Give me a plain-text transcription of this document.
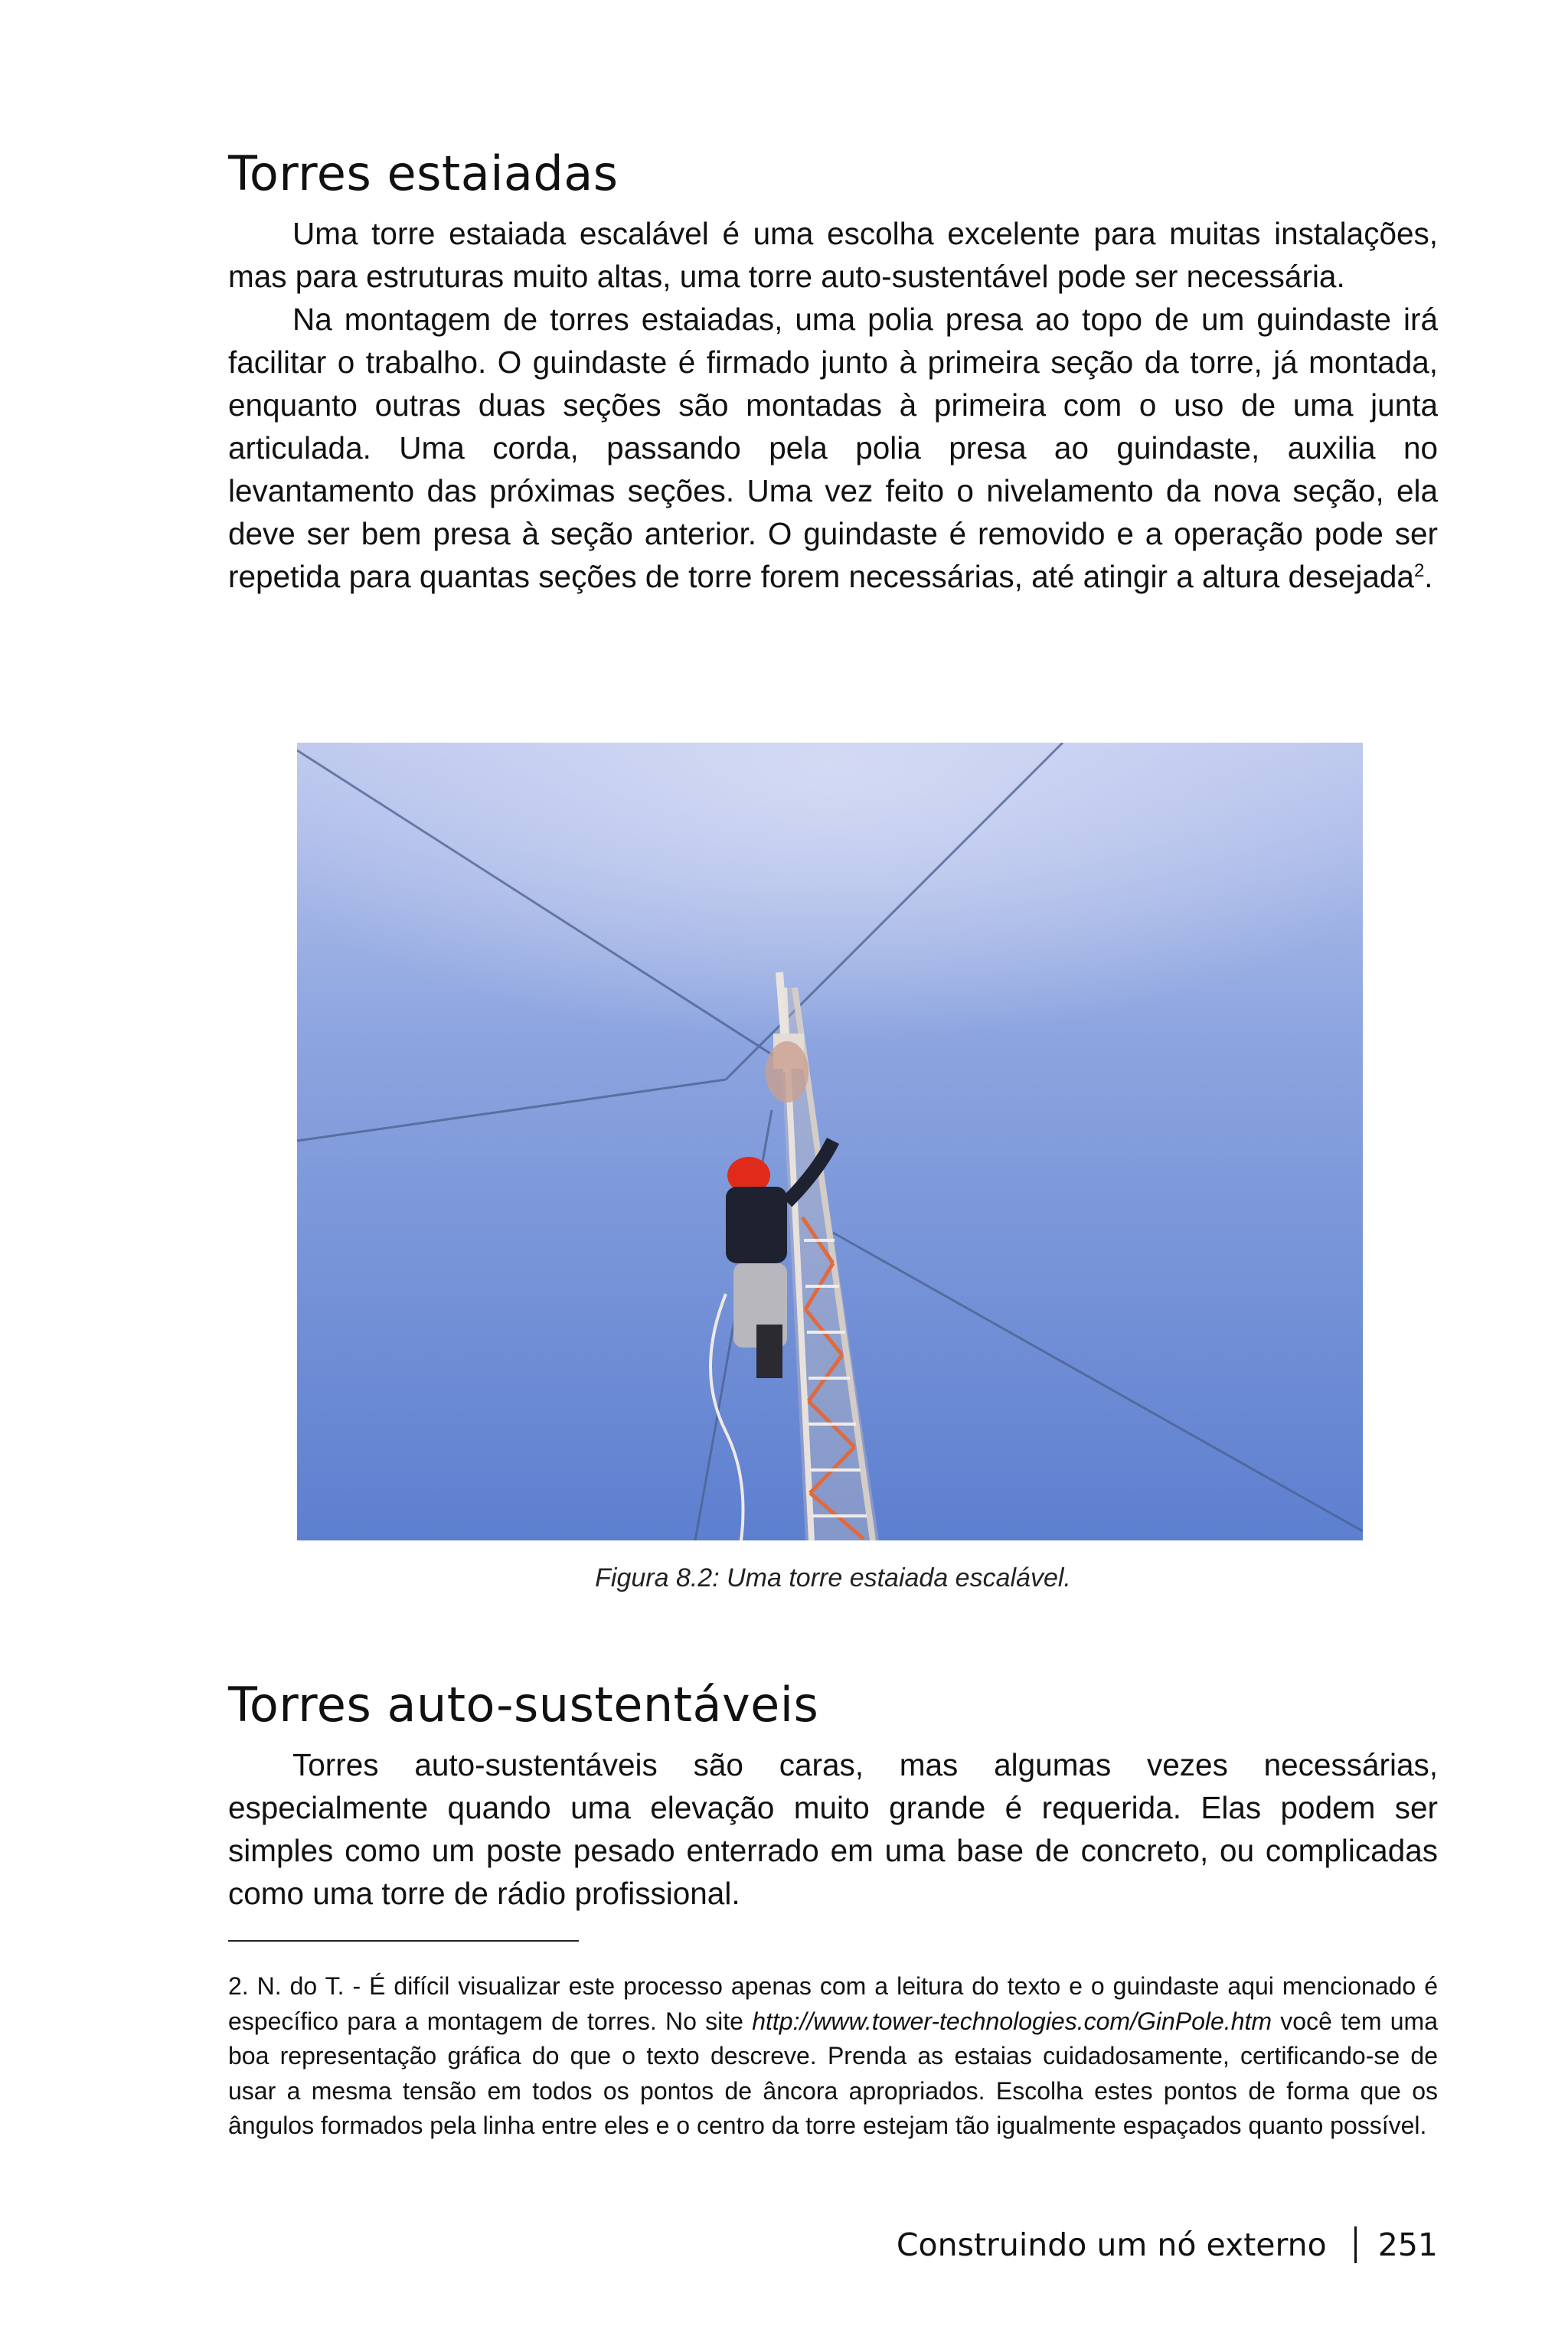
Torres estaiadas

Uma torre estaiada escalável é uma escolha excelente para muitas instalações, mas para estruturas muito altas, uma torre auto-sustentável pode ser necessária.

Na montagem de torres estaiadas, uma polia presa ao topo de um guindaste irá facilitar o trabalho. O guindaste é firmado junto à primeira seção da torre, já montada, enquanto outras duas seções são montadas à primeira com o uso de uma junta articulada. Uma corda, passando pela polia presa ao guindaste, auxilia no levantamento das próximas seções. Uma vez feito o nivelamento da nova seção, ela deve ser bem presa à seção anterior. O guindaste é removido e a operação pode ser repetida para quantas seções de torre forem necessárias, até atingir a altura desejada$^2$.

Figura 8.2: Uma torre estaiada escalável.
Torres auto-sustentáveis

Torres auto-sustentáveis são caras, mas algumas vezes necessárias, especialmente quando uma elevação muito grande é requerida. Elas podem ser simples como um poste pesado enterrado em uma base de concreto, ou complicadas como uma torre de rádio profissional.

2. N. do T. - É difícil visualizar este processo apenas com a leitura do texto e o guindaste aqui mencionado é específico para a montagem de torres. No site http://www.tower-technologies.com/GinPole.htm você tem uma boa representação gráfica do que o texto descreve. Prenda as estaias cuidadosamente, certificando-se de usar a mesma tensão em todos os pontos de âncora apropriados. Escolha estes pontos de forma que os ângulos formados pela linha entre eles e o centro da torre estejam tão igualmente espaçados quanto possível.
Construindo um nó externo 251
